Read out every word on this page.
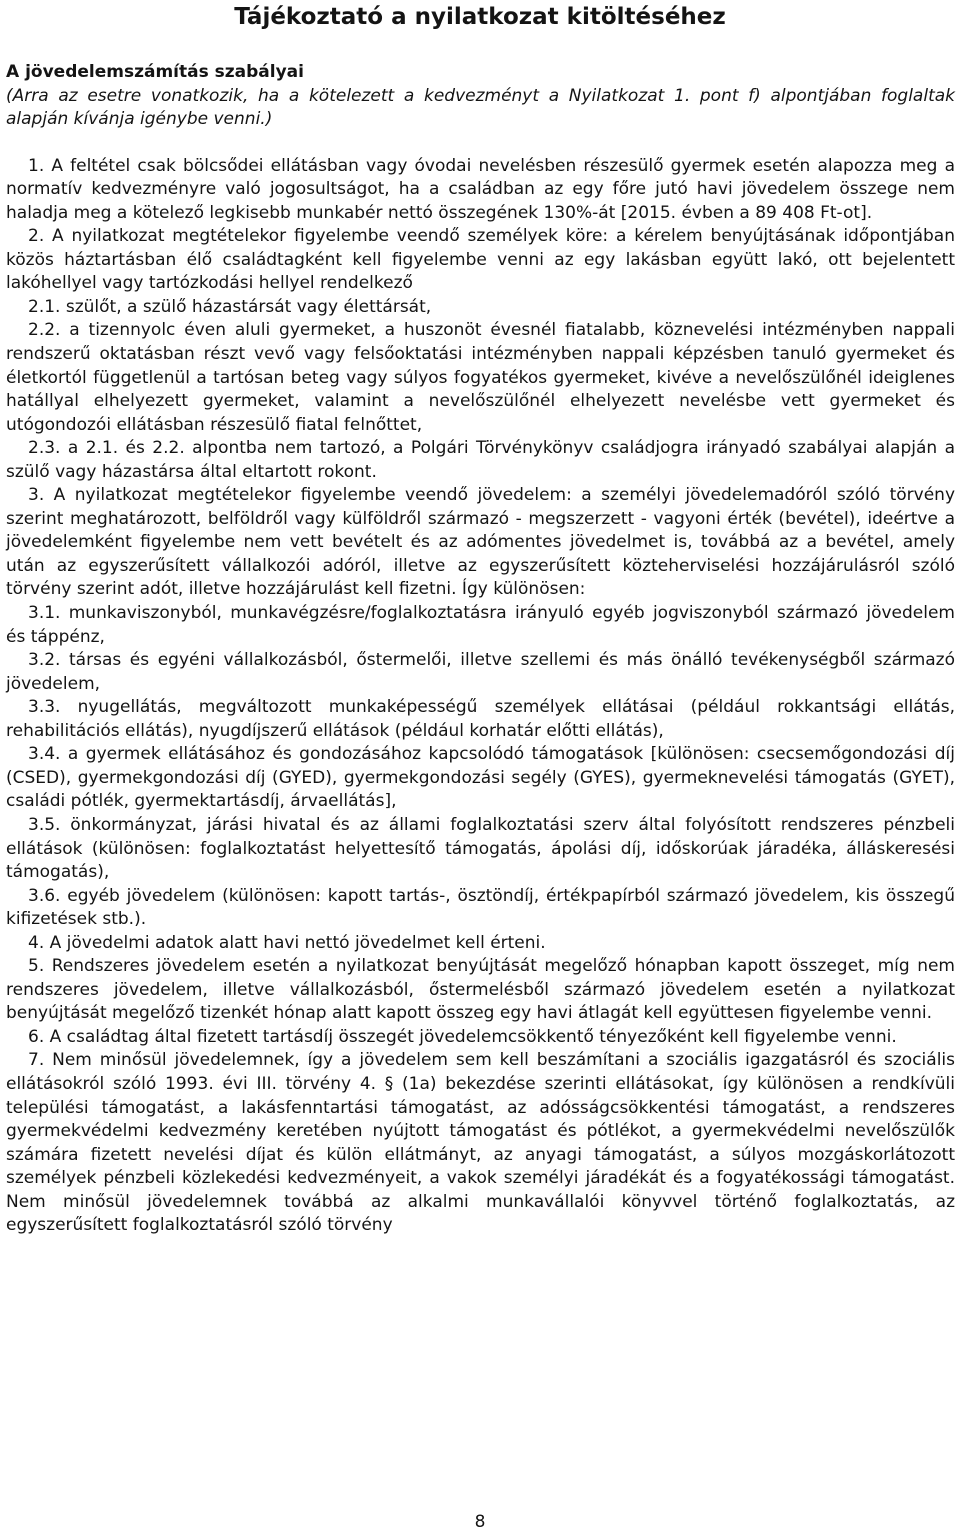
Tájékoztató a nyilatkozat kitöltéséhez

A jövedelemszámítás szabályai

(Arra az esetre vonatkozik, ha a kötelezett a kedvezményt a Nyilatkozat 1. pont f) alpontjában foglaltak alapján kívánja igénybe venni.)

1. A feltétel csak bölcsődei ellátásban vagy óvodai nevelésben részesülő gyermek esetén alapozza meg a normatív kedvezményre való jogosultságot, ha a családban az egy főre jutó havi jövedelem összege nem haladja meg a kötelező legkisebb munkabér nettó összegének 130%-át [2015. évben a 89 408 Ft-ot].

2. A nyilatkozat megtételekor figyelembe veendő személyek köre: a kérelem benyújtásának időpontjában közös háztartásban élő családtagként kell figyelembe venni az egy lakásban együtt lakó, ott bejelentett lakóhellyel vagy tartózkodási hellyel rendelkező

2.1. szülőt, a szülő házastársát vagy élettársát,

2.2. a tizennyolc éven aluli gyermeket, a huszonöt évesnél fiatalabb, köznevelési intézményben nappali rendszerű oktatásban részt vevő vagy felsőoktatási intézményben nappali képzésben tanuló gyermeket és életkortól függetlenül a tartósan beteg vagy súlyos fogyatékos gyermeket, kivéve a nevelőszülőnél ideiglenes hatállyal elhelyezett gyermeket, valamint a nevelőszülőnél elhelyezett nevelésbe vett gyermeket és utógondozói ellátásban részesülő fiatal felnőttet,

2.3. a 2.1. és 2.2. alpontba nem tartozó, a Polgári Törvénykönyv családjogra irányadó szabályai alapján a szülő vagy házastársa által eltartott rokont.

3. A nyilatkozat megtételekor figyelembe veendő jövedelem: a személyi jövedelemadóról szóló törvény szerint meghatározott, belföldről vagy külföldről származó - megszerzett - vagyoni érték (bevétel), ideértve a jövedelemként figyelembe nem vett bevételt és az adómentes jövedelmet is, továbbá az a bevétel, amely után az egyszerűsített vállalkozói adóról, illetve az egyszerűsített közteherviselési hozzájárulásról szóló törvény szerint adót, illetve hozzájárulást kell fizetni. Így különösen:

3.1. munkaviszonyból, munkavégzésre/foglalkoztatásra irányuló egyéb jogviszonyból származó jövedelem és táppénz,

3.2. társas és egyéni vállalkozásból, őstermelői, illetve szellemi és más önálló tevékenységből származó jövedelem,

3.3. nyugellátás, megváltozott munkaképességű személyek ellátásai (például rokkantsági ellátás, rehabilitációs ellátás), nyugdíjszerű ellátások (például korhatár előtti ellátás),

3.4. a gyermek ellátásához és gondozásához kapcsolódó támogatások [különösen: csecsemőgondozási díj (CSED), gyermekgondozási díj (GYED), gyermekgondozási segély (GYES), gyermeknevelési támogatás (GYET), családi pótlék, gyermektartásdíj, árvaellátás],

3.5. önkormányzat, járási hivatal és az állami foglalkoztatási szerv által folyósított rendszeres pénzbeli ellátások (különösen: foglalkoztatást helyettesítő támogatás, ápolási díj, időskorúak járadéka, álláskeresési támogatás),

3.6. egyéb jövedelem (különösen: kapott tartás-, ösztöndíj, értékpapírból származó jövedelem, kis összegű kifizetések stb.).

4. A jövedelmi adatok alatt havi nettó jövedelmet kell érteni.

5. Rendszeres jövedelem esetén a nyilatkozat benyújtását megelőző hónapban kapott összeget, míg nem rendszeres jövedelem, illetve vállalkozásból, őstermelésből származó jövedelem esetén a nyilatkozat benyújtását megelőző tizenkét hónap alatt kapott összeg egy havi átlagát kell együttesen figyelembe venni.

6. A családtag által fizetett tartásdíj összegét jövedelemcsökkentő tényezőként kell figyelembe venni.

7. Nem minősül jövedelemnek, így a jövedelem sem kell beszámítani a szociális igazgatásról és szociális ellátásokról szóló 1993. évi III. törvény 4. § (1a) bekezdése szerinti ellátásokat, így különösen a rendkívüli települési támogatást, a lakásfenntartási támogatást, az adósságcsökkentési támogatást, a rendszeres gyermekvédelmi kedvezmény keretében nyújtott támogatást és pótlékot, a gyermekvédelmi nevelőszülők számára fizetett nevelési díjat és külön ellátmányt, az anyagi támogatást, a súlyos mozgáskorlátozott személyek pénzbeli közlekedési kedvezményeit, a vakok személyi járadékát és a fogyatékossági támogatást. Nem minősül jövedelemnek továbbá az alkalmi munkavállalói könyvvel történő foglalkoztatás, az egyszerűsített foglalkoztatásról szóló törvény

8
